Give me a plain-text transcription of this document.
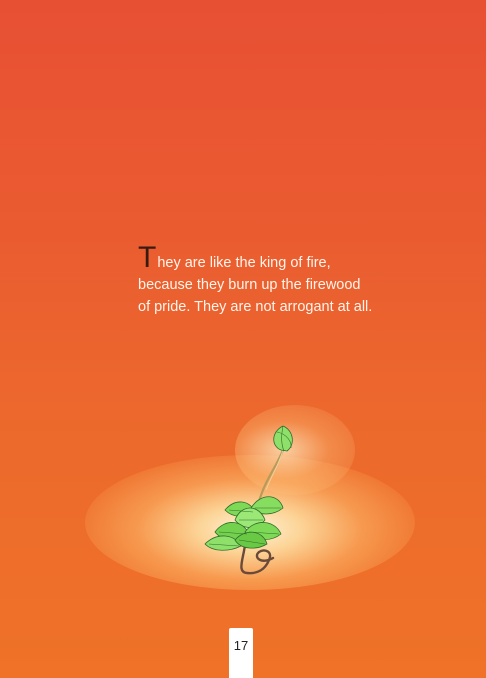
They are like the king of fire, because they burn up the firewood of pride. They are not arrogant at all.

17
